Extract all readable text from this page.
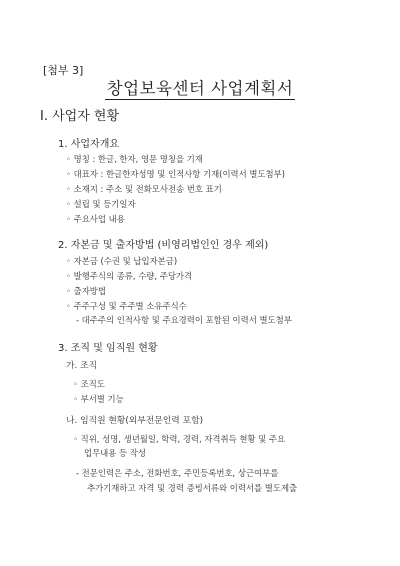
[첨부 3]
창업보육센터 사업계획서
Ⅰ. 사업자 현황
1. 사업자개요
◦ 명칭 : 한글, 한자, 영문 명칭을 기재
◦ 대표자 : 한글한자성명 및 인적사항 기재(이력서 별도첨부)
◦ 소재지 : 주소 및 전화모사전송 번호 표기
◦ 설립 및 등기일자
◦ 주요사업 내용
2. 자본금 및 출자방법 (비영리법인인 경우 제외)
◦ 자본금 (수권 및 납입자본금)
◦ 발행주식의 종류, 수량, 주당가격
◦ 출자방법
◦ 주주구성 및 주주별 소유주식수
- 대주주의 인적사항 및 주요경력이 포함된 이력서 별도첨부
3. 조직 및 임직원 현황
가. 조직
◦ 조직도
◦ 부서별 기능
나. 임직원 현황(외부전문인력 포함)
◦ 직위, 성명, 생년월일, 학력, 경력, 자격취득 현황 및 주요
업무내용 등 작성
- 전문인력은 주소, 전화번호, 주민등록번호, 상근여부를
추가기재하고 자격 및 경력 증빙서류와 이력서를 별도제출
